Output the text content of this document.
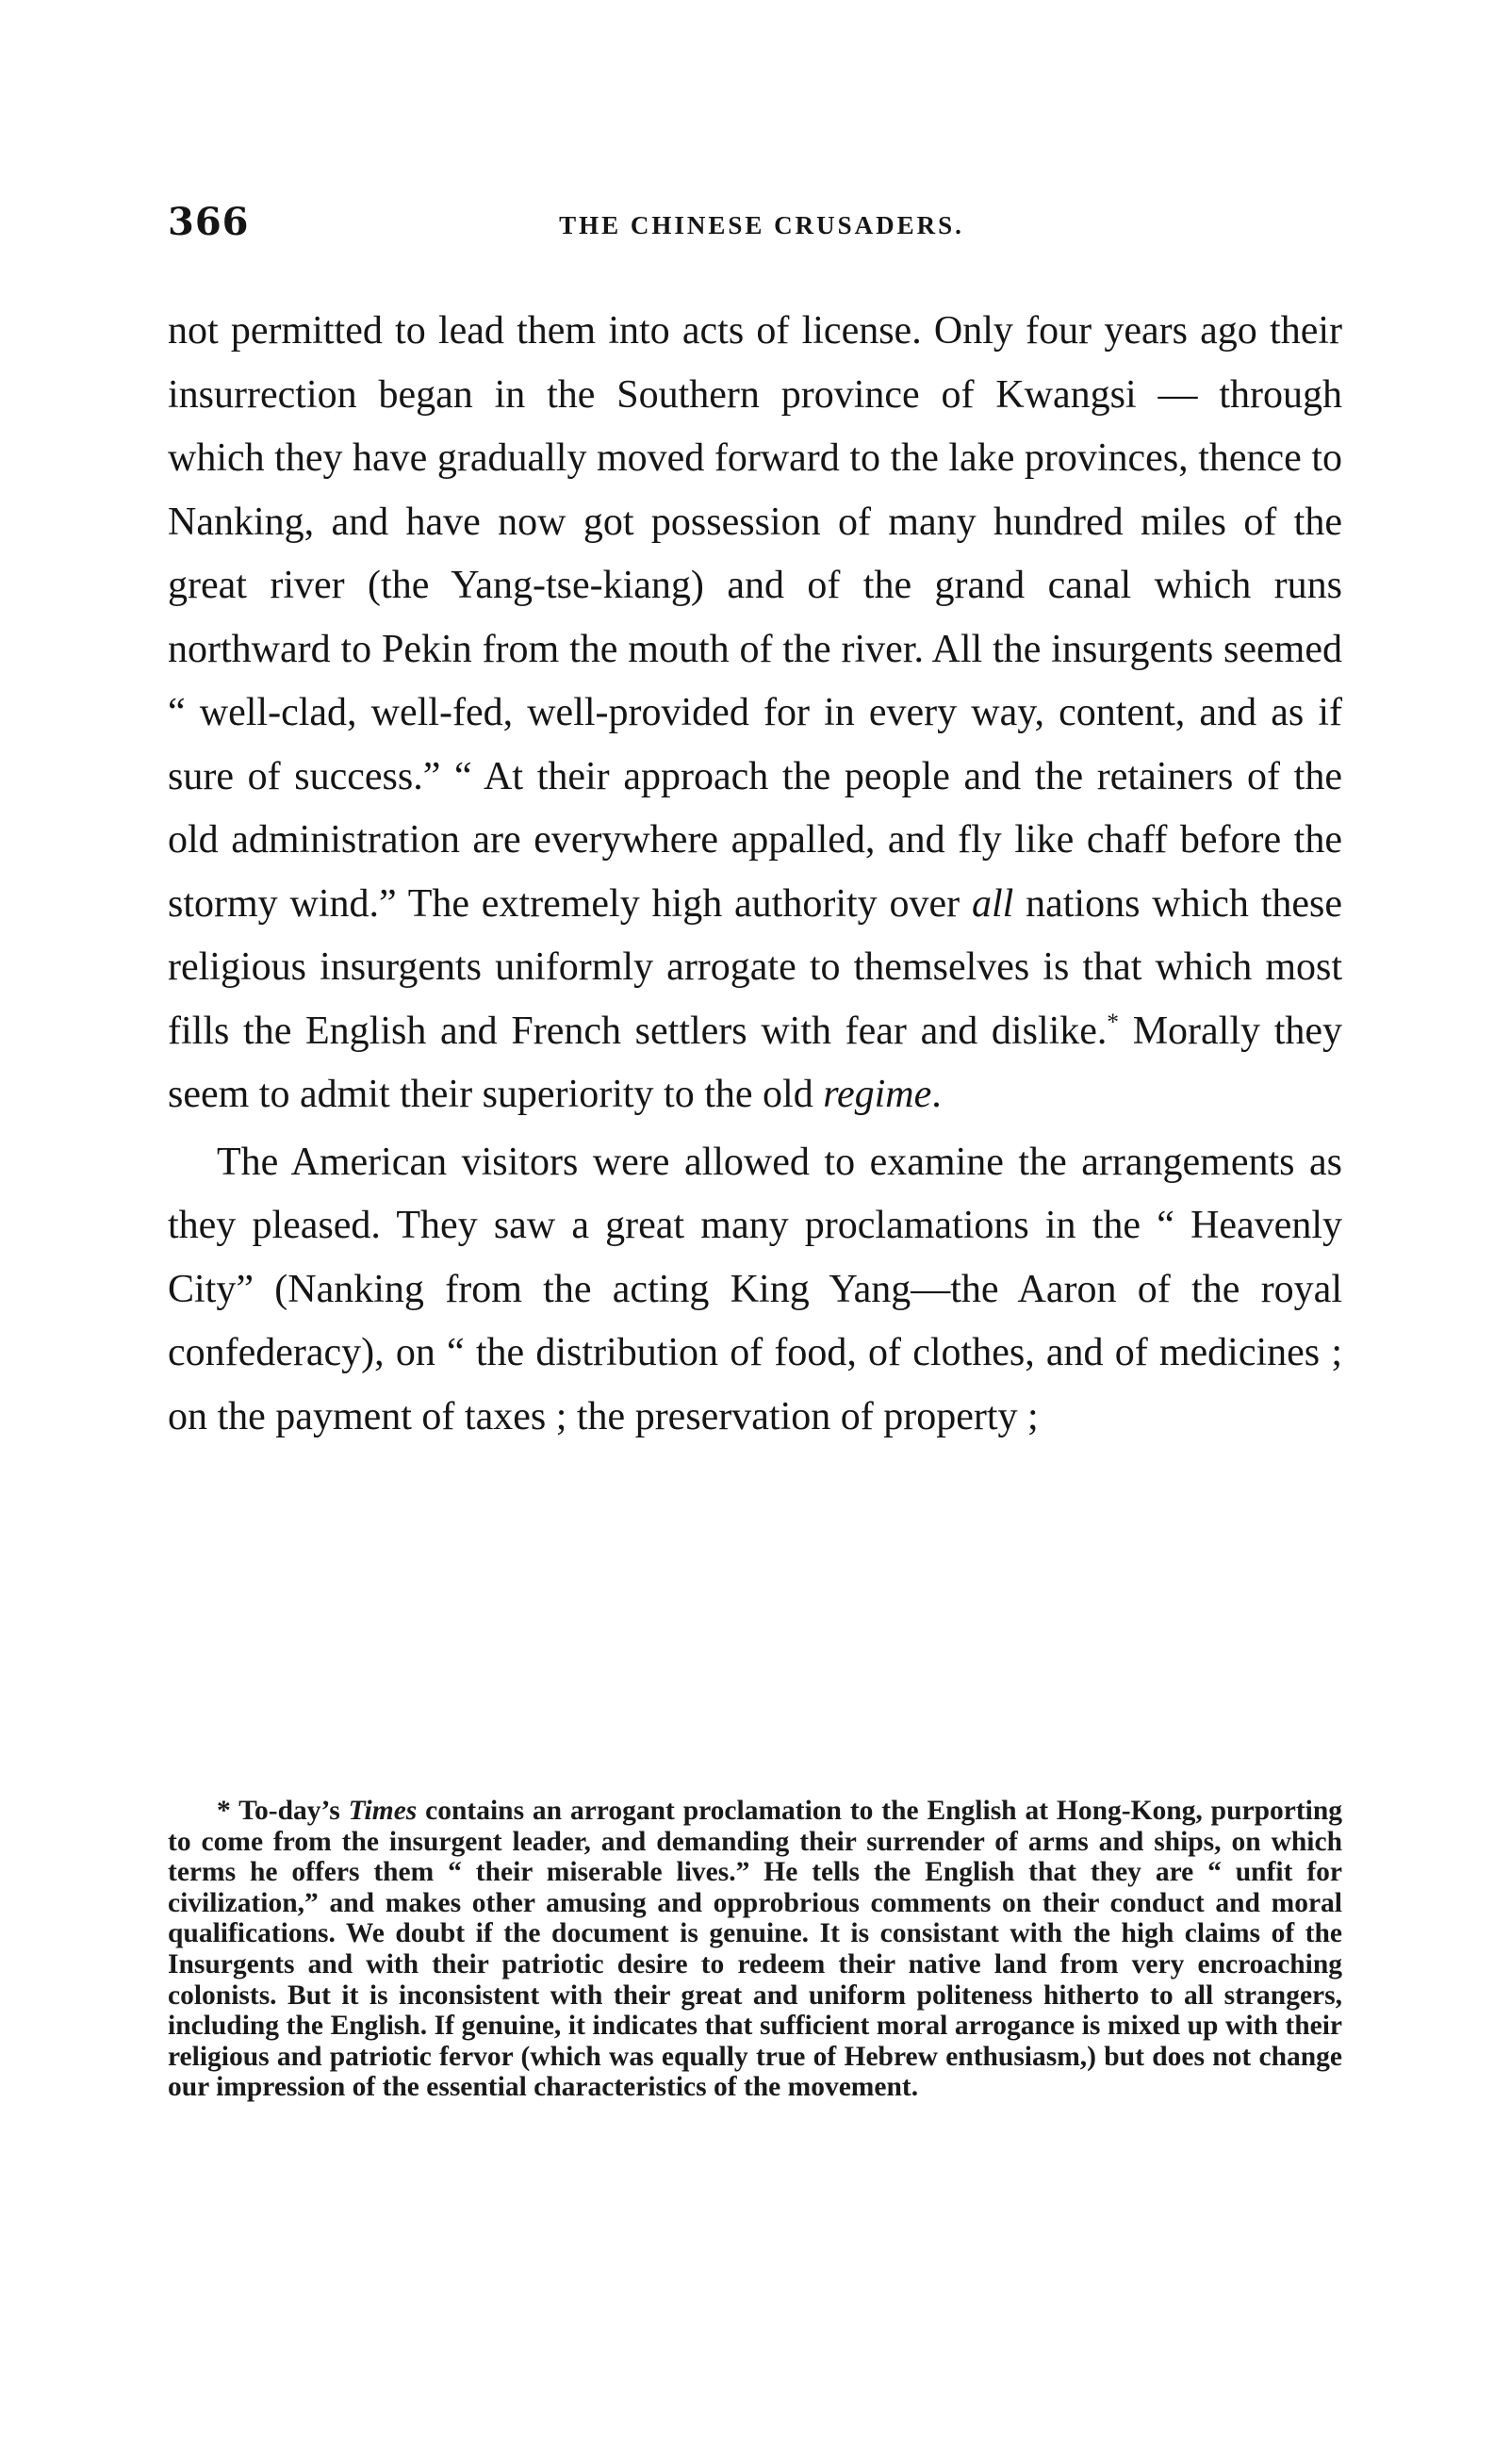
366	THE CHINESE CRUSADERS.

not permitted to lead them into acts of license. Only four years ago their insurrection began in the Southern province of Kwangsi — through which they have gradually moved forward to the lake provinces, thence to Nanking, and have now got possession of many hundred miles of the great river (the Yang-tse-kiang) and of the grand canal which runs northward to Pekin from the mouth of the river. All the insurgents seemed “ well-clad, well-fed, well-provided for in every way, content, and as if sure of success.” “ At their approach the people and the retainers of the old administration are everywhere appalled, and fly like chaff before the stormy wind.” The extremely high authority over all nations which these religious insurgents uniformly arrogate to themselves is that which most fills the English and French settlers with fear and dislike.* Morally they seem to admit their superiority to the old regime.

The American visitors were allowed to examine the arrangements as they pleased. They saw a great many proclamations in the “ Heavenly City” (Nanking from the acting King Yang—the Aaron of the royal confederacy), on “ the distribution of food, of clothes, and of medicines ; on the payment of taxes ; the preservation of property ;

* To-day’s Times contains an arrogant proclamation to the English at Hong-Kong, purporting to come from the insurgent leader, and demanding their surrender of arms and ships, on which terms he offers them “ their miserable lives.” He tells the English that they are “ unfit for civilization,” and makes other amusing and opprobrious comments on their conduct and moral qualifications. We doubt if the document is genuine. It is consistant with the high claims of the Insurgents and with their patriotic desire to redeem their native land from very encroaching colonists. But it is inconsistent with their great and uniform politeness hitherto to all strangers, including the English. If genuine, it indicates that sufficient moral arrogance is mixed up with their religious and patriotic fervor (which was equally true of Hebrew enthusiasm,) but does not change our impression of the essential characteristics of the movement.
